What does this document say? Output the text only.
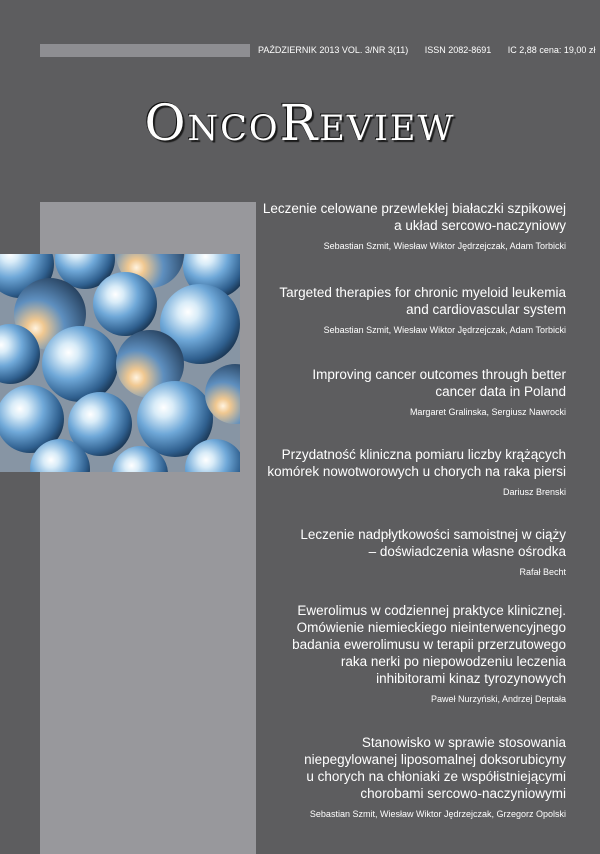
PAŹDZIERNIK 2013 VOL. 3/NR 3(11) ISSN 2082-8691 IC 2,88 cena: 19,00 zł
OncoReview
Leczenie celowane przewlekłej białaczki szpikowej
a układ sercowo-naczyniowy
Sebastian Szmit, Wiesław Wiktor Jędrzejczak, Adam Torbicki
Targeted therapies for chronic myeloid leukemia
and cardiovascular system
Sebastian Szmit, Wiesław Wiktor Jędrzejczak, Adam Torbicki
Improving cancer outcomes through better
cancer data in Poland
Margaret Gralinska, Sergiusz Nawrocki
Przydatność kliniczna pomiaru liczby krążących
komórek nowotworowych u chorych na raka piersi
Dariusz Brenski
Leczenie nadpłytkowości samoistnej w ciąży
– doświadczenia własne ośrodka
Rafał Becht
Ewerolimus w codziennej praktyce klinicznej.
Omówienie niemieckiego nieinterwencyjnego
badania ewerolimusu w terapii przerzutowego
raka nerki po niepowodzeniu leczenia
inhibitorami kinaz tyrozynowych
Paweł Nurzyński, Andrzej Deptała
Stanowisko w sprawie stosowania
niepegylowanej liposomalnej doksorubicyny
u chorych na chłoniaki ze współistniejącymi
chorobami sercowo-naczyniowymi
Sebastian Szmit, Wiesław Wiktor Jędrzejczak, Grzegorz Opolski
